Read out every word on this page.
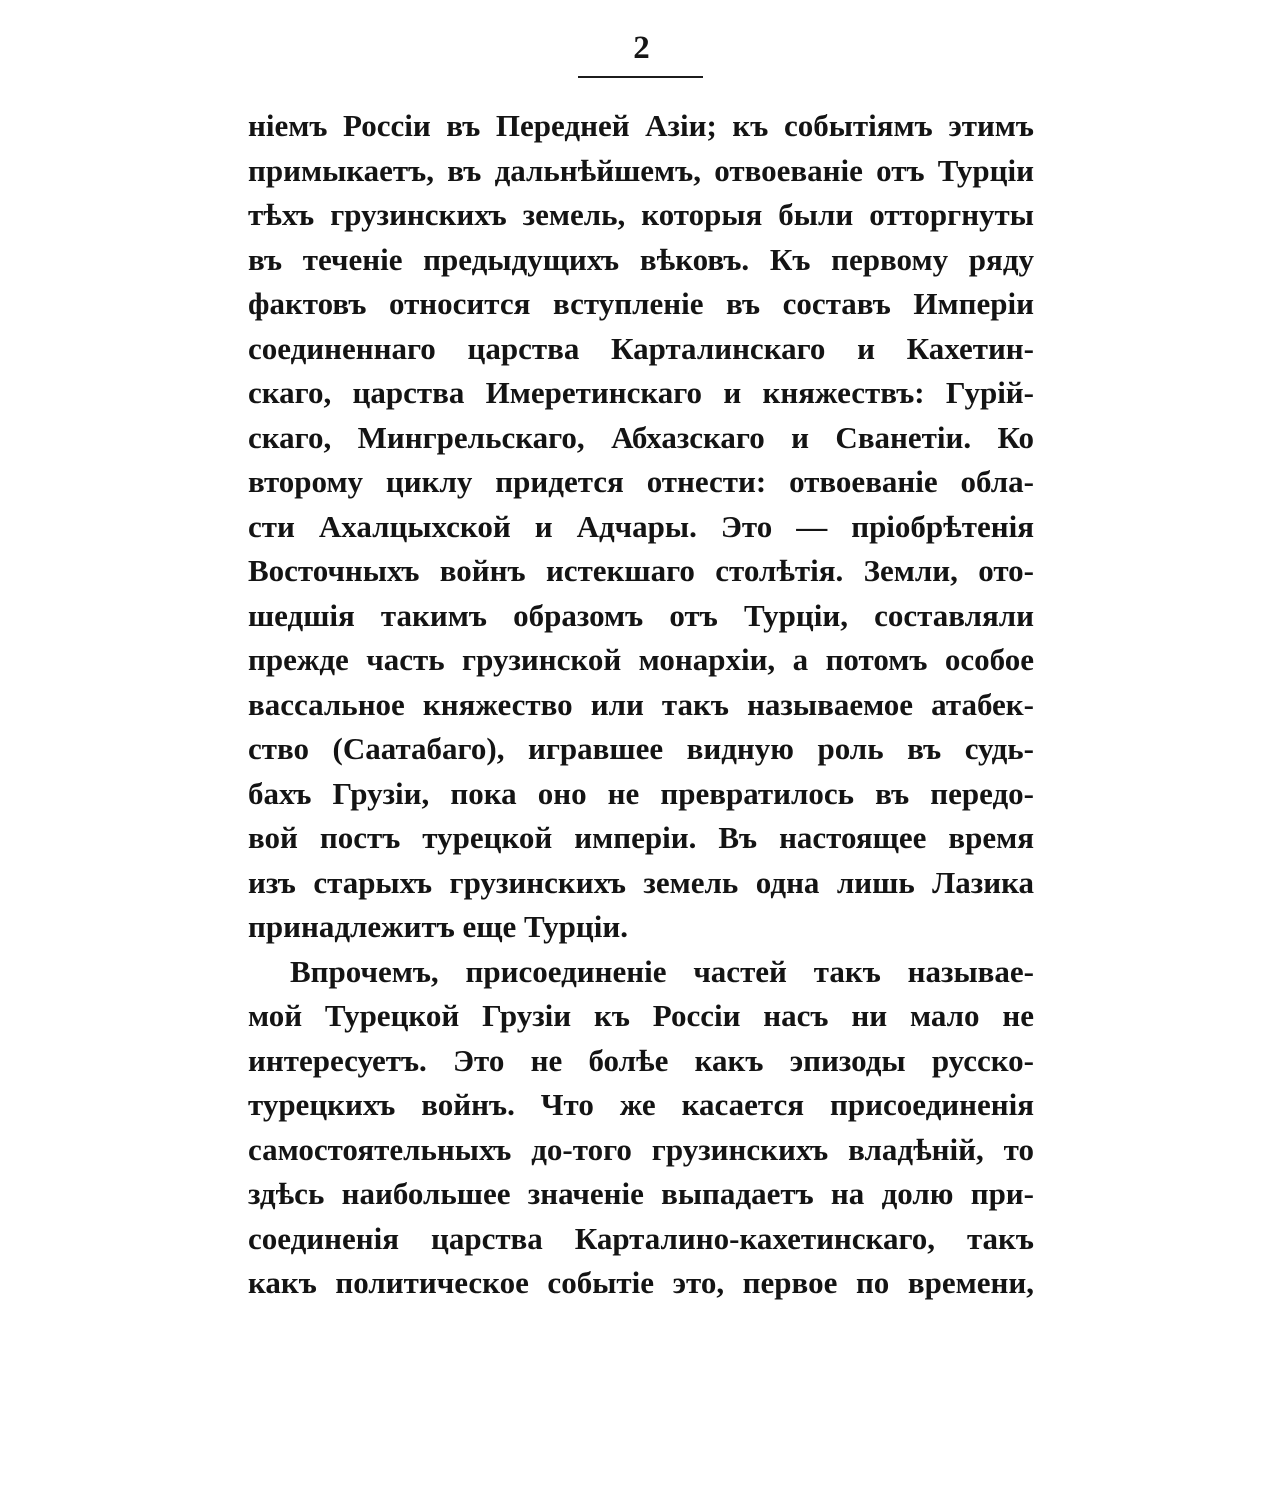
2
ніемъ Россіи въ Передней Азіи; къ событіямъ этимъ
примыкаетъ, въ дальнѣйшемъ, отвоеваніе отъ Турціи
тѣхъ грузинскихъ земель, которыя были отторгнуты
въ теченіе предыдущихъ вѣковъ. Къ первому ряду
фактовъ относится вступленіе въ составъ Имперіи
соединеннаго царства Карталинскаго и Кахетин-
скаго, царства Имеретинскаго и княжествъ: Гурій-
скаго, Мингрельскаго, Абхазскаго и Сванетіи. Ко
второму циклу придется отнести: отвоеваніе обла-
сти Ахалцыхской и Адчары. Это — пріобрѣтенія
Восточныхъ войнъ истекшаго столѣтія. Земли, ото-
шедшія такимъ образомъ отъ Турціи, составляли
прежде часть грузинской монархіи, а потомъ особое
вассальное княжество или такъ называемое атабек-
ство (Саатабаго), игравшее видную роль въ судь-
бахъ Грузіи, пока оно не превратилось въ передо-
вой постъ турецкой имперіи. Въ настоящее время
изъ старыхъ грузинскихъ земель одна лишь Лазика
принадлежитъ еще Турціи.
Впрочемъ, присоединеніе частей такъ называе-
мой Турецкой Грузіи къ Россіи насъ ни мало не
интересуетъ. Это не болѣе какъ эпизоды русско-
турецкихъ войнъ. Что же касается присоединенія
самостоятельныхъ до-того грузинскихъ владѣній, то
здѣсь наибольшее значеніе выпадаетъ на долю при-
соединенія царства Карталино-кахетинскаго, такъ
какъ политическое событіе это, первое по времени,
